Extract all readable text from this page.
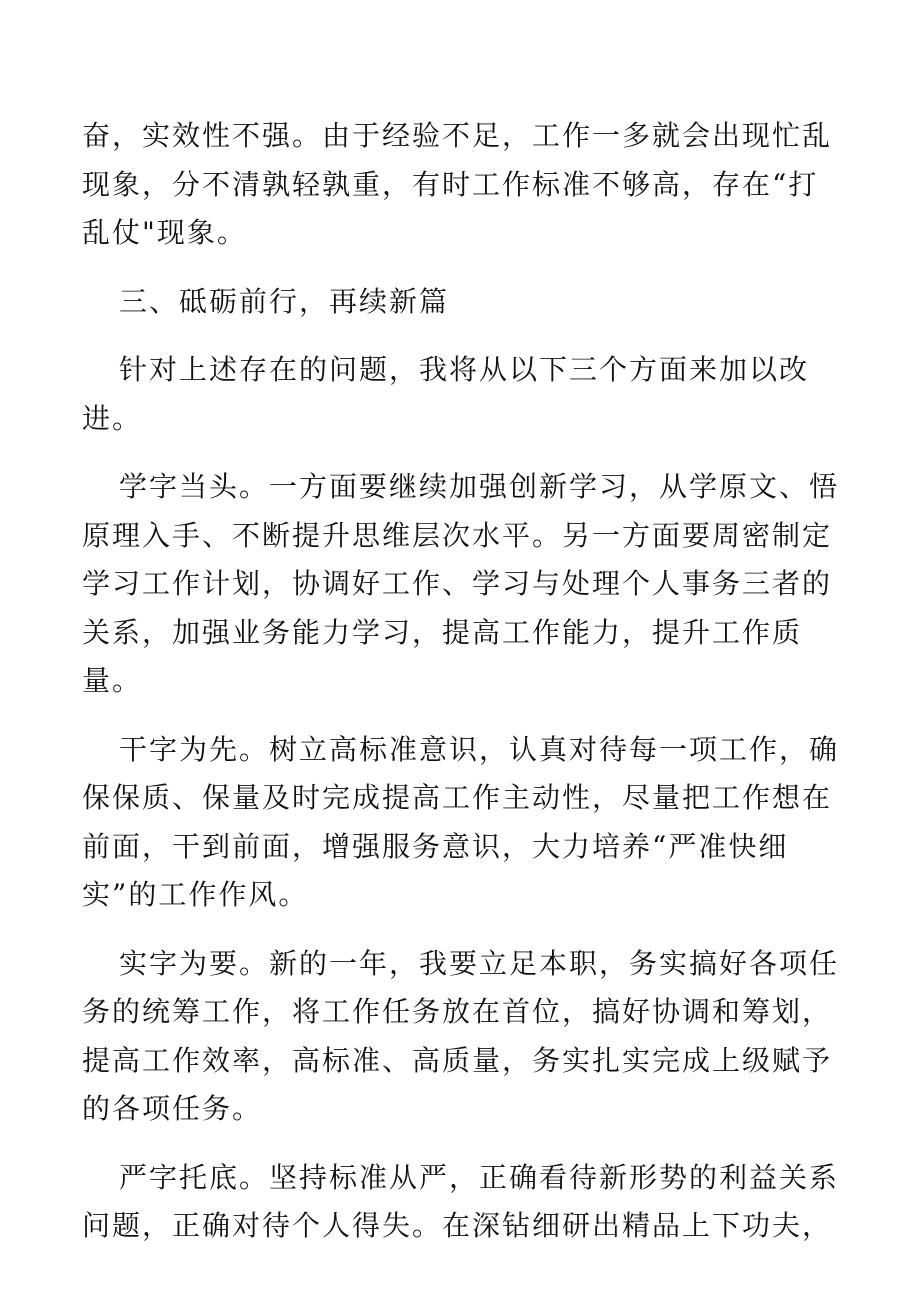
奋，实效性不强。由于经验不足，工作一多就会出现忙乱
现象，分不清孰轻孰重，有时工作标准不够高，存在“打
乱仗"现象。

三、砥砺前行，再续新篇

针对上述存在的问题，我将从以下三个方面来加以改
进。

学字当头。一方面要继续加强创新学习，从学原文、悟
原理入手、不断提升思维层次水平。另一方面要周密制定
学习工作计划，协调好工作、学习与处理个人事务三者的
关系，加强业务能力学习，提高工作能力，提升工作质
量。

干字为先。树立高标准意识，认真对待每一项工作，确
保保质、保量及时完成提高工作主动性，尽量把工作想在
前面，干到前面，增强服务意识，大力培养“严准快细
实”的工作作风。

实字为要。新的一年，我要立足本职，务实搞好各项任
务的统筹工作，将工作任务放在首位，搞好协调和筹划，
提高工作效率，高标准、高质量，务实扎实完成上级赋予
的各项任务。

严字托底。坚持标准从严，正确看待新形势的利益关系
问题，正确对待个人得失。在深钻细研出精品上下功夫，
